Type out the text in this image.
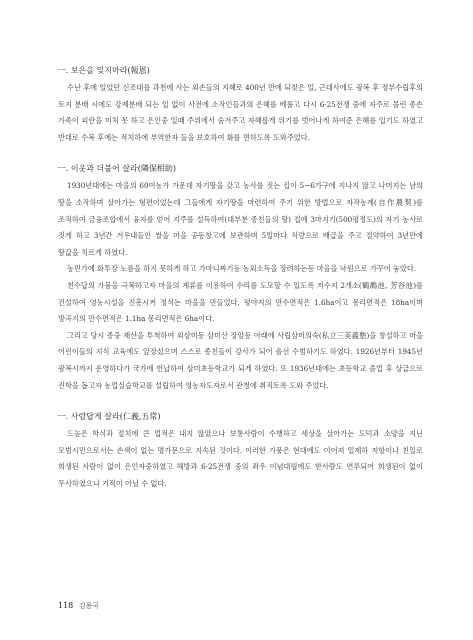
ㅡ. 보은을 잊지마라(報恩)

수난 후에 일었던 신조대를 과천에 사는 외손들의 지혜로 400년 만에 되찾은 일, 근대사에도 광복 후 정부수립후의 토지 분배 시에도 강제분배 되는 일 없이 사전에 소작인들과의 은혜를 베풀고 다시 6·25전쟁 중에 자주로 몰린 종손 가족이 피란을 미처 못 하고 은인중 일때 주위에서 숨겨주고 자혜롭게 위기를 벗어나게 하여준 은혜를 입기도 하였고 반대로 수복 후에는 적치하에 부역한자 들을 보호하여 화를 면하도록 도와주었다.

ㅡ. 이웃과 더불어 살라(隣保相助)

1930년대에는 마을의 60여농가 가운데 자기땅을 갖고 농사를 짓는 집이 5~6가구에 지나지 않고 나머지는 남의 땅을 소작하며 살아가는 형편이었는데 그들에게 자기땅을 마련하여 주기 위한 방법으로 자작농계(自作農契)를 조직하여 금융조합에서 융자를 얻어 지주를 설득하여(대부분 종친들의 땅) 집에 3마지기(500평정도)의 자기 농사로 짓게 하고 3년간 겨우내들인 쌀을 마을 공동창고에 보관하며 5일마다 식량으로 배급을 주고 절약하여 3년만에 땅값을 치르게 하였다.

농민가에 화투장 노름을 하지 못하게 하고 가마니짜기등 농외소득을 장려하는등 마을을 낙원으로 가꾸어 놓았다.

천수답의 가뭄을 극복하고자 마을의 계류를 이용하여 수리를 도모할 수 있도록 저수지 2개소(鶴鵲池, 芳谷池)를 건설하여 영농시설을 진흥시켜 정식논 마을을 만들었다. 평야지의 만수면적은 1.6ha이고 몽리면적은 18ha이며 방곡지의 만수면적은 1.1ha 몽리면적은 6ha이다.

그리고 당시 종중 재산을 투척하여 외삼미동 삼미산 장암동 아래에 사립삼미의숙(私立三美義塾)을 창설하고 마을 어린이들의 지식 교육에도 앞장섰으며 스스로 종친들이 강사가 되어 솔선 수범하기도 하였다. 1926년부터 1945년 광복시까지 운영하다가 국가에 헌납하여 삼미초등학교가 되게 하였다. 또 1936년대에는 초등학교 졸업 후 상급으로 진학을 돕고자 농업실습학교를 설립하여 영농자도자로서 관청에 취직토록 도와 주었다.

ㅡ. 사람답게 살라(仁義,五常)

드높은 학식과 절치에 큰 업적은 내지 않았으나 보통사람이 수행하고 세상을 살아가는 도덕과 소양을 지닌 모범시민으로서는 손색이 없는 명가문으로 지속된 것이다. 이러한 가풍은 현대에도 이어져 일제하 저항이나 친일로 희생된 사람이 없이 은인자중하였고 해방과 6·25전쟁 중의 좌우 이념대립에도 한사람도 연루되어 희생된이 없이 무사하였으니 기적이 아닐 수 없다.

118 김용국
